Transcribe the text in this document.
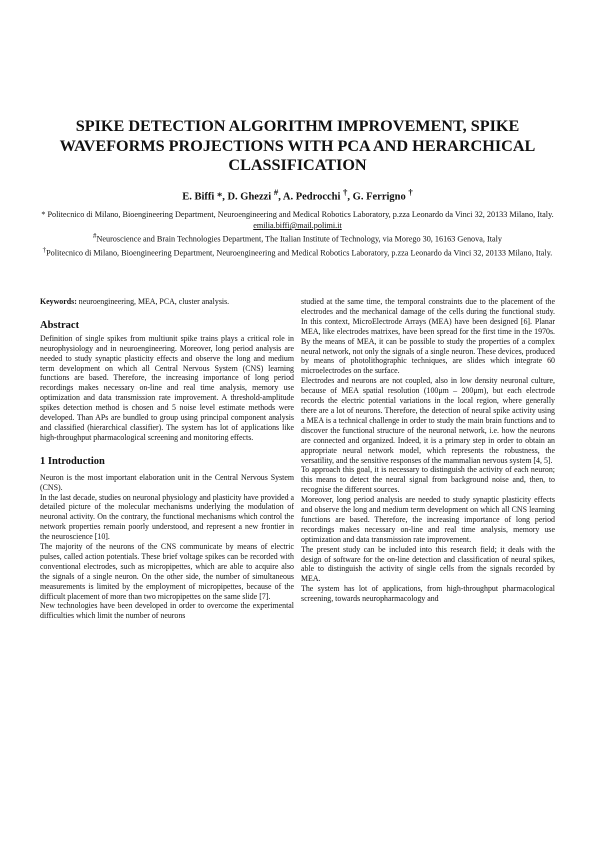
SPIKE DETECTION ALGORITHM IMPROVEMENT, SPIKE WAVEFORMS PROJECTIONS WITH PCA AND HERARCHICAL CLASSIFICATION
E. Biffi *, D. Ghezzi #, A. Pedrocchi †, G. Ferrigno †
* Politecnico di Milano, Bioengineering Department, Neuroengineering and Medical Robotics Laboratory, p.zza Leonardo da Vinci 32, 20133 Milano, Italy. emilia.biffi@mail.polimi.it
#Neuroscience and Brain Technologies Department, The Italian Institute of Technology, via Morego 30, 16163 Genova, Italy
†Politecnico di Milano, Bioengineering Department, Neuroengineering and Medical Robotics Laboratory, p.zza Leonardo da Vinci 32, 20133 Milano, Italy.

Keywords: neuroengineering, MEA, PCA, cluster analysis.

Abstract

Definition of single spikes from multiunit spike trains plays a critical role in neurophysiology and in neuroengineering. Moreover, long period analysis are needed to study synaptic plasticity effects and observe the long and medium term development on which all Central Nervous System (CNS) learning functions are based. Therefore, the increasing importance of long period recordings makes necessary on-line and real time analysis, memory use optimization and data transmission rate improvement. A threshold-amplitude spikes detection method is chosen and 5 noise level estimate methods were developed. Than APs are bundled to group using principal component analysis and classified (hierarchical classifier). The system has lot of applications like high-throughput pharmacological screening and monitoring effects.

1 Introduction

Neuron is the most important elaboration unit in the Central Nervous System (CNS).

In the last decade, studies on neuronal physiology and plasticity have provided a detailed picture of the molecular mechanisms underlying the modulation of neuronal activity. On the contrary, the functional mechanisms which control the network properties remain poorly understood, and represent a new frontier in the neuroscience [10].

The majority of the neurons of the CNS communicate by means of electric pulses, called action potentials. These brief voltage spikes can be recorded with conventional electrodes, such as micropipettes, which are able to acquire also the signals of a single neuron. On the other side, the number of simultaneous measurements is limited by the employment of micropipettes, because of the difficult placement of more than two micropipettes on the same slide [7].

New technologies have been developed in order to overcome the experimental difficulties which limit the number of neurons

studied at the same time, the temporal constraints due to the placement of the electrodes and the mechanical damage of the cells during the functional study. In this context, MicroElectrode Arrays (MEA) have been designed [6]. Planar MEA, like electrodes matrixes, have been spread for the first time in the 1970s. By the means of MEA, it can be possible to study the properties of a complex neural network, not only the signals of a single neuron. These devices, produced by means of photolithographic techniques, are slides which integrate 60 microelectrodes on the surface.

Electrodes and neurons are not coupled, also in low density neuronal culture, because of MEA spatial resolution (100μm – 200μm), but each electrode records the electric potential variations in the local region, where generally there are a lot of neurons. Therefore, the detection of neural spike activity using a MEA is a technical challenge in order to study the main brain functions and to discover the functional structure of the neuronal network, i.e. how the neurons are connected and organized. Indeed, it is a primary step in order to obtain an appropriate neural network model, which represents the robustness, the versatility, and the sensitive responses of the mammalian nervous system [4, 5].

To approach this goal, it is necessary to distinguish the activity of each neuron; this means to detect the neural signal from background noise and, then, to recognise the different sources.

Moreover, long period analysis are needed to study synaptic plasticity effects and observe the long and medium term development on which all CNS learning functions are based. Therefore, the increasing importance of long period recordings makes necessary on-line and real time analysis, memory use optimization and data transmission rate improvement.

The present study can be included into this research field; it deals with the design of software for the on-line detection and classification of neural spikes, able to distinguish the activity of single cells from the signals recorded by MEA.

The system has lot of applications, from high-throughput pharmacological screening, towards neuropharmacology and
